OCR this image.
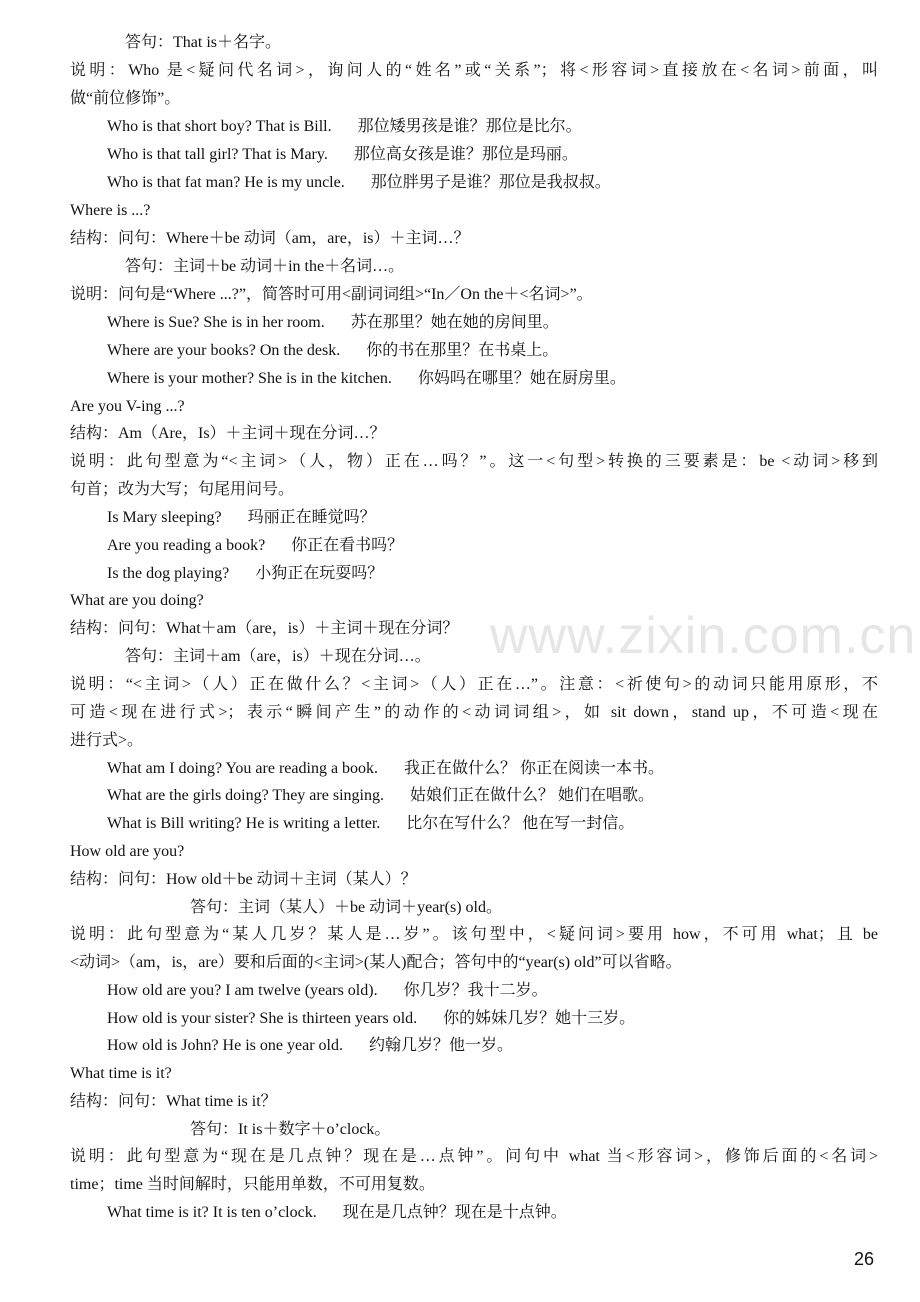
www.zixin.com.cn
答句：That is＋名字。
说明：Who 是<疑问代名词>，询问人的“姓名”或“关系”；将<形容词>直接放在<名词>前面，叫
做“前位修饰”。
Who is that short boy? That is Bill. 那位矮男孩是谁？那位是比尔。
Who is that tall girl? That is Mary. 那位高女孩是谁？那位是玛丽。
Who is that fat man? He is my uncle. 那位胖男子是谁？那位是我叔叔。
Where is ...?
结构：问句：Where＋be 动词（am，are，is）＋主词…？
答句：主词＋be 动词＋in the＋名词…。
说明：问句是“Where ...?”，简答时可用<副词词组>“In／On the＋<名词>”。
Where is Sue? She is in her room. 苏在那里？她在她的房间里。
Where are your books? On the desk. 你的书在那里？在书桌上。
Where is your mother? She is in the kitchen. 你妈吗在哪里？她在厨房里。
Are you V-ing ...?
结构：Am（Are，Is）＋主词＋现在分词…？
说明：此句型意为“<主词>（人，物）正在…吗？”。这一<句型>转换的三要素是：be <动词>移到
句首；改为大写；句尾用问号。
Is Mary sleeping? 玛丽正在睡觉吗？
Are you reading a book? 你正在看书吗？
Is the dog playing? 小狗正在玩耍吗？
What are you doing?
结构：问句：What＋am（are，is）＋主词＋现在分词？
答句：主词＋am（are，is）＋现在分词…。
说明：“<主词>（人）正在做什么？<主词>（人）正在…”。注意：<祈使句>的动词只能用原形，不
可造<现在进行式>；表示“瞬间产生”的动作的<动词词组>，如 sit down，stand up，不可造<现在
进行式>。
What am I doing? You are reading a book. 我正在做什么？ 你正在阅读一本书。
What are the girls doing? They are singing. 姑娘们正在做什么？ 她们在唱歌。
What is Bill writing? He is writing a letter. 比尔在写什么？ 他在写一封信。
How old are you?
结构：问句：How old＋be 动词＋主词（某人）？
答句：主词（某人）＋be 动词＋year(s) old。
说明：此句型意为“某人几岁？某人是…岁”。该句型中，<疑问词>要用 how，不可用 what；且 be
<动词>（am，is，are）要和后面的<主词>(某人)配合；答句中的“year(s) old”可以省略。
How old are you? I am twelve (years old). 你几岁？我十二岁。
How old is your sister? She is thirteen years old. 你的姊妹几岁？她十三岁。
How old is John? He is one year old. 约翰几岁？他一岁。
What time is it?
结构：问句：What time is it？
答句：It is＋数字＋o’clock。
说明：此句型意为“现在是几点钟？现在是…点钟”。问句中 what 当<形容词>，修饰后面的<名词>
time；time 当时间解时，只能用单数，不可用复数。
What time is it? It is ten o’clock. 现在是几点钟？现在是十点钟。
26
